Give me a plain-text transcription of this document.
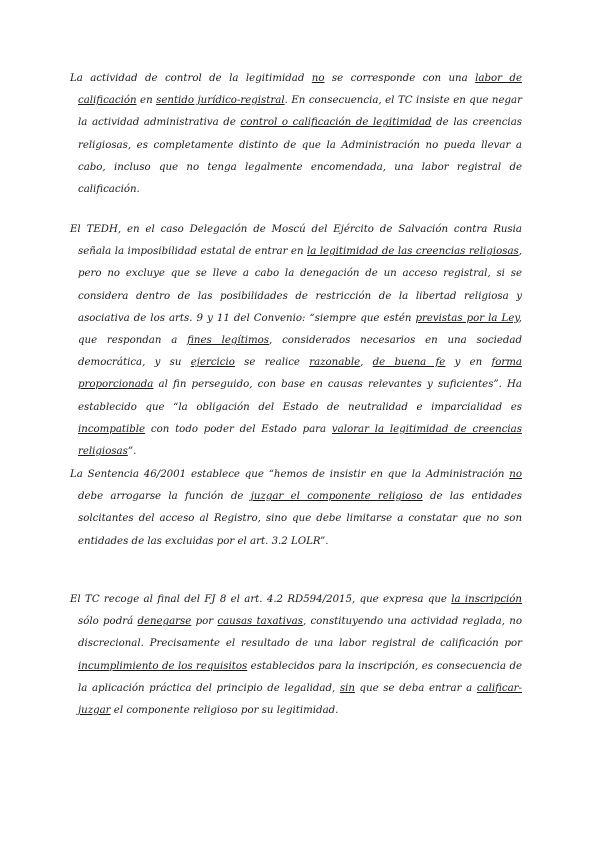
La actividad de control de la legitimidad no se corresponde con una labor de calificación en sentido jurídico-registral. En consecuencia, el TC insiste en que negar la actividad administrativa de control o calificación de legitimidad de las creencias religiosas, es completamente distinto de que la Administración no pueda llevar a cabo, incluso que no tenga legalmente encomendada, una labor registral de calificación.

El TEDH, en el caso Delegación de Moscú del Ejército de Salvación contra Rusia señala la imposibilidad estatal de entrar en la legitimidad de las creencias religiosas, pero no excluye que se lleve a cabo la denegación de un acceso registral, si se considera dentro de las posibilidades de restricción de la libertad religiosa y asociativa de los arts. 9 y 11 del Convenio: “siempre que estén previstas por la Ley, que respondan a fines legítimos, considerados necesarios en una sociedad democrática, y su ejercicio se realice razonable, de buena fe y en forma proporcionada al fin perseguido, con base en causas relevantes y suficientes”. Ha establecido que “la obligación del Estado de neutralidad e imparcialidad es incompatible con todo poder del Estado para valorar la legitimidad de creencias religiosas”.

La Sentencia 46/2001 establece que “hemos de insistir en que la Administración no debe arrogarse la función de juzgar el componente religioso de las entidades solcitantes del acceso al Registro, sino que debe limitarse a constatar que no son entidades de las excluidas por el art. 3.2 LOLR”.

El TC recoge al final del FJ 8 el art. 4.2 RD594/2015, que expresa que la inscripción sólo podrá denegarse por causas taxativas, constituyendo una actividad reglada, no discrecional. Precisamente el resultado de una labor registral de calificación por incumplimiento de los requisitos establecidos para la inscripción, es consecuencia de la aplicación práctica del principio de legalidad, sin que se deba entrar a calificar-juzgar el componente religioso por su legitimidad.
